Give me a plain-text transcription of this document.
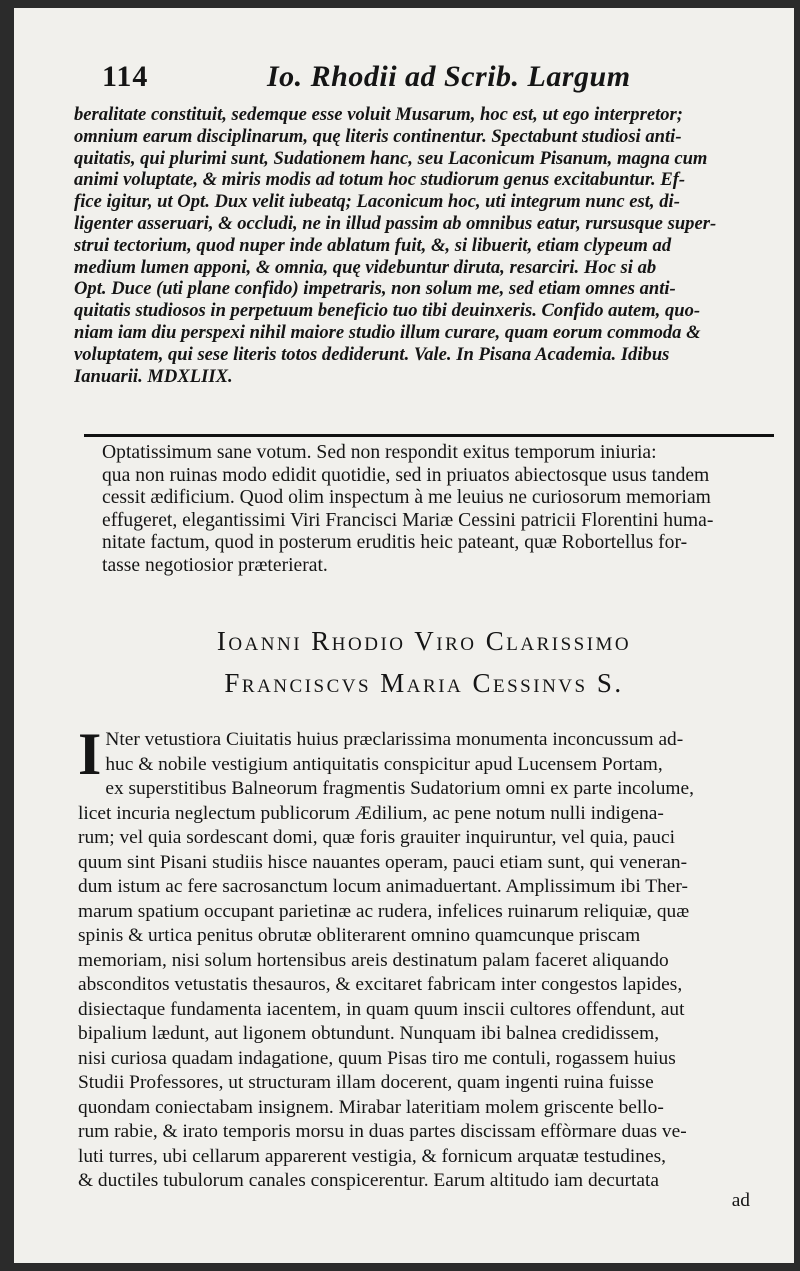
114	Io. Rhodii ad Scrib. Largum
beralitate constituit, sedemque esse voluit Musarum, hoc est, ut ego interpretor;
omnium earum disciplinarum, quę literis continentur. Spectabunt studiosi anti-
quitatis, qui plurimi sunt, Sudationem hanc, seu Laconicum Pisanum, magna cum
animi voluptate, & miris modis ad totum hoc studiorum genus excitabuntur. Ef-
fice igitur, ut Opt. Dux velit iubeatq; Laconicum hoc, uti integrum nunc est, di-
ligenter asseruari, & occludi, ne in illud passim ab omnibus eatur, rursusque super-
strui tectorium, quod nuper inde ablatum fuit, &, si libuerit, etiam clypeum ad
medium lumen apponi, & omnia, quę videbuntur diruta, resarciri. Hoc si ab
Opt. Duce (uti plane confido) impetraris, non solum me, sed etiam omnes anti-
quitatis studiosos in perpetuum beneficio tuo tibi deuinxeris. Confido autem, quo-
niam iam diu perspexi nihil maiore studio illum curare, quam eorum commoda &
voluptatem, qui sese literis totos dediderunt. Vale. In Pisana Academia. Idibus
Ianuarii. MDXLIIX.
Optatissimum sane votum. Sed non respondit exitus temporum iniuria:
qua non ruinas modo edidit quotidie, sed in priuatos abiectosque usus tandem
cessit ædificium. Quod olim inspectum à me leuius ne curiosorum memoriam
effugeret, elegantissimi Viri Francisci Mariæ Cessini patricii Florentini huma-
nitate factum, quod in posterum eruditis heic pateant, quæ Robortellus for-
tasse negotiosior prӕterierat.
Ioanni Rhodio Viro Clarissimo
Franciscvs Maria Cessinvs S.
I Nter vetustiora Ciuitatis huius præclarissima monumenta inconcussum ad-
huc & nobile vestigium antiquitatis conspicitur apud Lucensem Portam,
ex superstitibus Balneorum fragmentis Sudatorium omni ex parte incolume,
licet incuria neglectum publicorum Ædilium, ac pene notum nulli indigena-
rum; vel quia sordescant domi, quæ foris grauiter inquiruntur, vel quia, pauci
quum sint Pisani studiis hisce nauantes operam, pauci etiam sunt, qui veneran-
dum istum ac fere sacrosanctum locum animaduertant. Amplissimum ibi Ther-
marum spatium occupant parietinæ ac rudera, infelices ruinarum reliquiæ, quæ
spinis & urtica penitus obrutæ obliterarent omnino quamcunque priscam
memoriam, nisi solum hortensibus areis destinatum palam faceret aliquando
absconditos vetustatis thesauros, & excitaret fabricam inter congestos lapides,
disiectaque fundamenta iacentem, in quam quum inscii cultores offendunt, aut
bipalium lædunt, aut ligonem obtundunt. Nunquam ibi balnea credidissem,
nisi curiosa quadam indagatione, quum Pisas tiro me contuli, rogassem huius
Studii Professores, ut structuram illam docerent, quam ingenti ruina fuisse
quondam coniectabam insignem. Mirabar lateritiam molem griscente bello-
rum rabie, & irato temporis morsu in duas partes discissam effòrmare duas ve-
luti turres, ubi cellarum apparerent vestigia, & fornicum arquatæ testudines,
& ductiles tubulorum canales conspicerentur. Earum altitudo iam decurtata
ad
